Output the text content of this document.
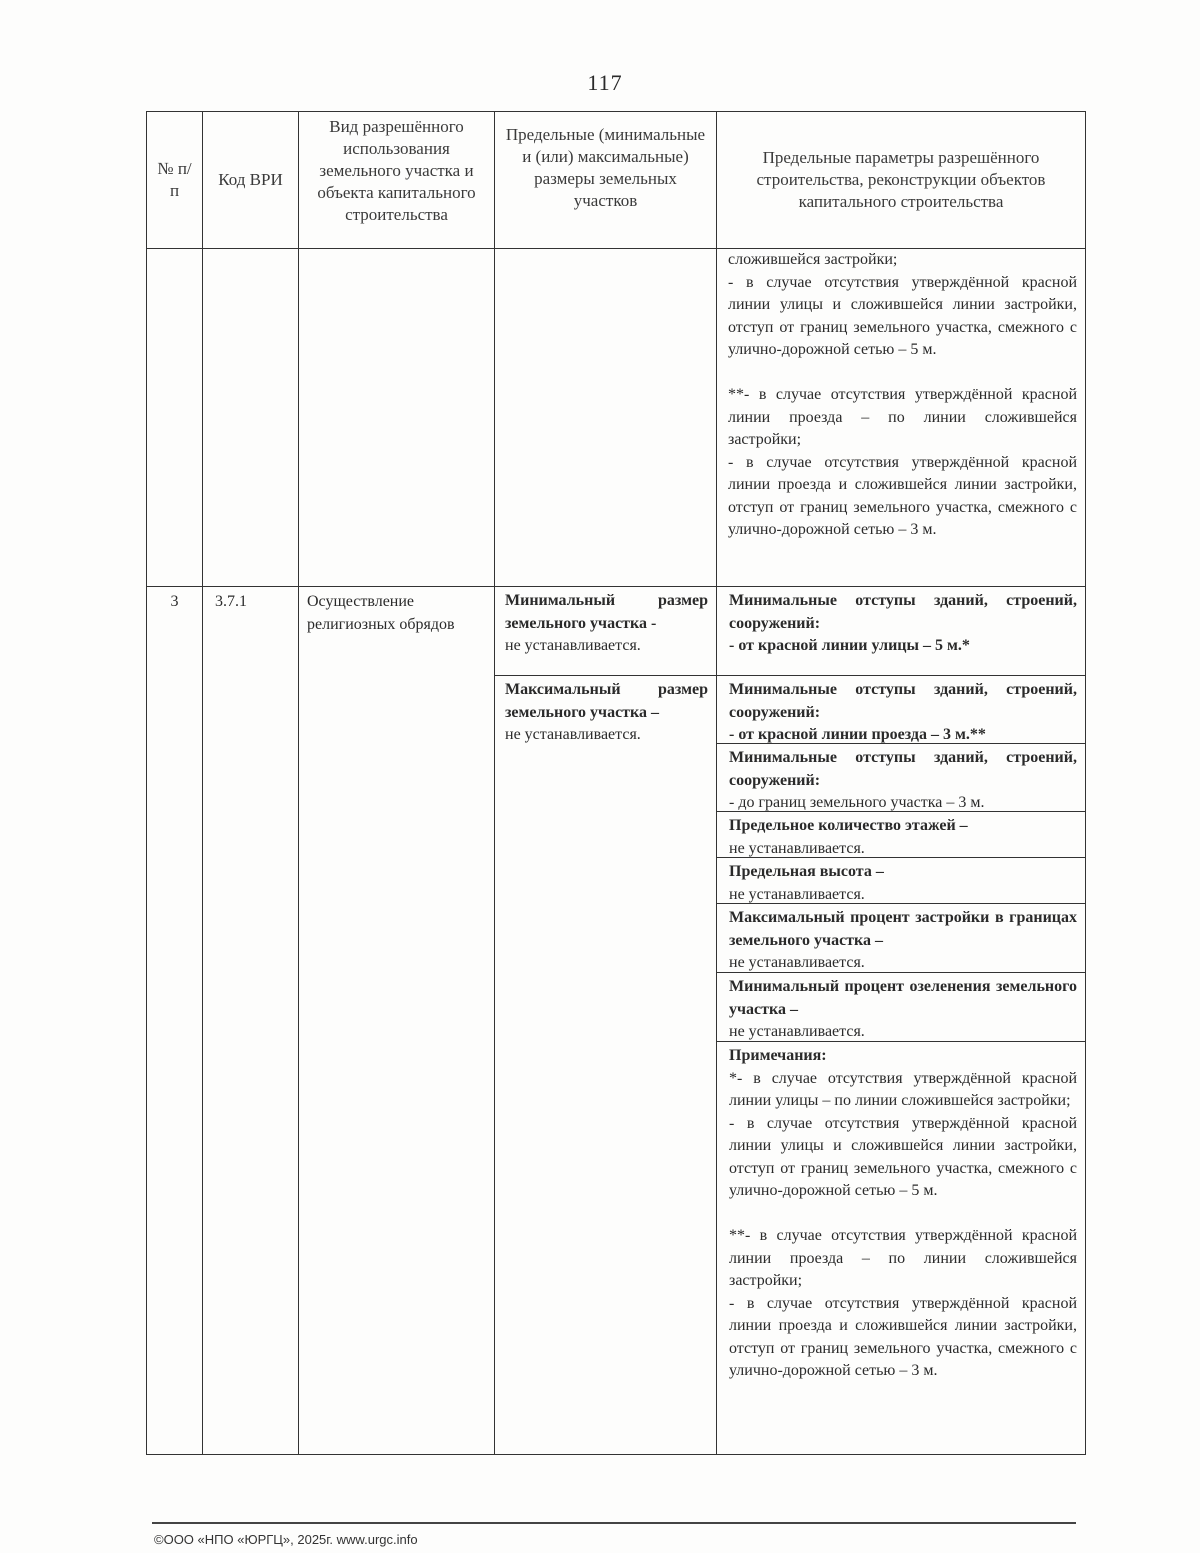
117
№ п/п
Код ВРИ
Вид разрешённого использования земельного участка и объекта капитального строительства
Предельные (минимальные и (или) максимальные) размеры земельных участков
Предельные параметры разрешённого строительства, реконструкции объектов капитального строительства
сложившейся застройки;
- в случае отсутствия утверждённой красной линии улицы и сложившейся линии застройки, отступ от границ земельного участка, смежного с улично-дорожной сетью – 5 м.
**- в случае отсутствия утверждённой красной линии проезда – по линии сложившейся застройки;
- в случае отсутствия утверждённой красной линии проезда и сложившейся линии застройки, отступ от границ земельного участка, смежного с улично-дорожной сетью – 3 м.
3	3.7.1	Осуществление религиозных обрядов
Минимальный размер земельного участка -
не устанавливается.
Максимальный размер земельного участка –
не устанавливается.
Минимальные отступы зданий, строений, сооружений:
- от красной линии улицы – 5 м.*
Минимальные отступы зданий, строений, сооружений:
- от красной линии проезда – 3 м.**
Минимальные отступы зданий, строений, сооружений:
- до границ земельного участка – 3 м.
Предельное количество этажей –
не устанавливается.
Предельная высота –
не устанавливается.
Максимальный процент застройки в границах земельного участка –
не устанавливается.
Минимальный процент озеленения земельного участка –
не устанавливается.
Примечания:
*- в случае отсутствия утверждённой красной линии улицы – по линии сложившейся застройки;
- в случае отсутствия утверждённой красной линии улицы и сложившейся линии застройки, отступ от границ земельного участка, смежного с улично-дорожной сетью – 5 м.
**- в случае отсутствия утверждённой красной линии проезда – по линии сложившейся застройки;
- в случае отсутствия утверждённой красной линии проезда и сложившейся линии застройки, отступ от границ земельного участка, смежного с улично-дорожной сетью – 3 м.
©ООО «НПО «ЮРГЦ», 2025г. www.urgc.info
